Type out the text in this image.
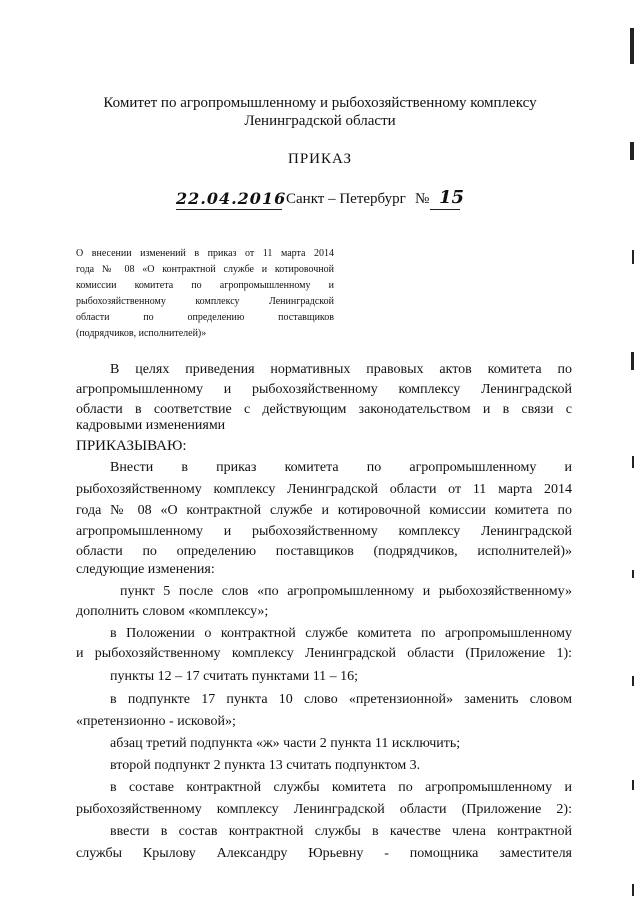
Комитет по агропромышленному и рыбохозяйственному комплексу
Ленинградской области
ПРИКАЗ
22.04.2016 Санкт – Петербург № 15
О внесении изменений в приказ от 11 марта 2014
года № 08 «О контрактной службе и котировочной
комиссии комитета по агропромышленному и
рыбохозяйственному комплексу Ленинградской
области по определению поставщиков
(подрядчиков, исполнителей)»
В целях приведения нормативных правовых актов комитета по
агропромышленному и рыбохозяйственному комплексу Ленинградской
области в соответствие с действующим законодательством и в связи с
кадровыми изменениями
ПРИКАЗЫВАЮ:
Внести в приказ комитета по агропромышленному и
рыбохозяйственному комплексу Ленинградской области от 11 марта 2014
года № 08 «О контрактной службе и котировочной комиссии комитета по
агропромышленному и рыбохозяйственному комплексу Ленинградской
области по определению поставщиков (подрядчиков, исполнителей)»
следующие изменения:
пункт 5 после слов «по агропромышленному и рыбохозяйственному»
дополнить словом «комплексу»;
в Положении о контрактной службе комитета по агропромышленному
и рыбохозяйственному комплексу Ленинградской области (Приложение 1):
пункты 12 – 17 считать пунктами 11 – 16;
в подпункте 17 пункта 10 слово «претензионной» заменить словом
«претензионно - исковой»;
абзац третий подпункта «ж» части 2 пункта 11 исключить;
второй подпункт 2 пункта 13 считать подпунктом 3.
в составе контрактной службы комитета по агропромышленному и
рыбохозяйственному комплексу Ленинградской области (Приложение 2):
ввести в состав контрактной службы в качестве члена контрактной
службы Крылову Александру Юрьевну - помощника заместителя
